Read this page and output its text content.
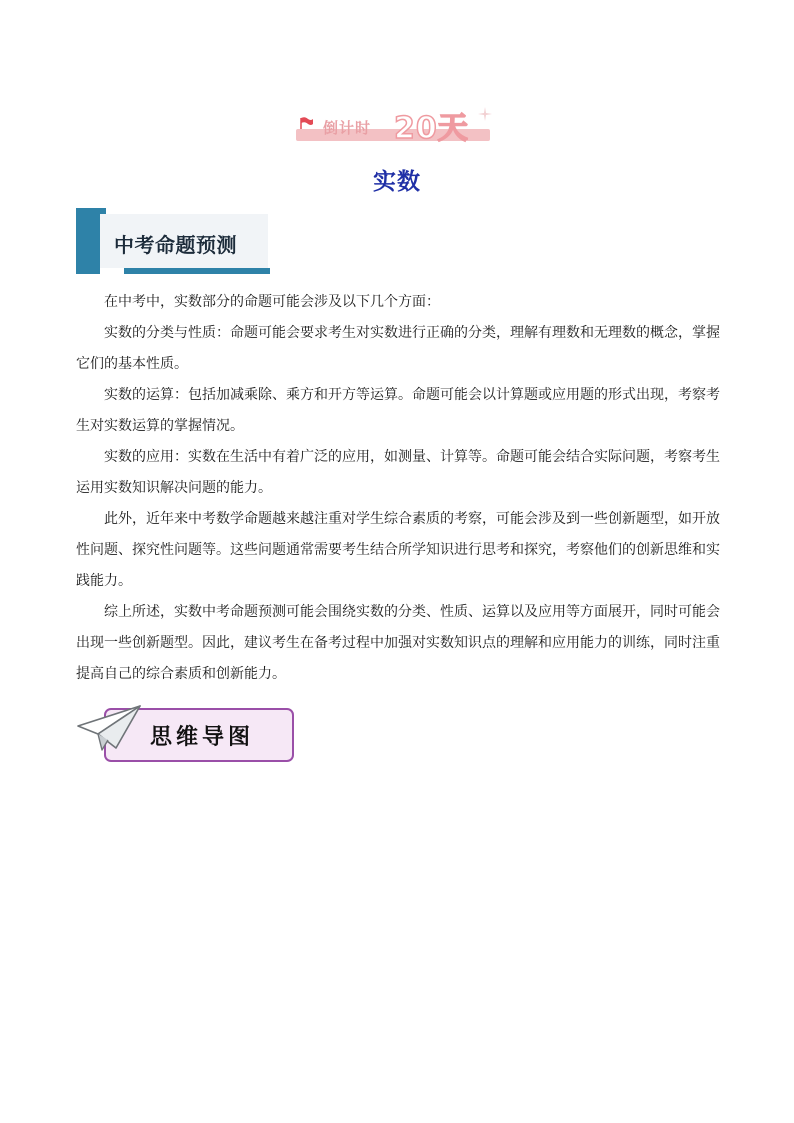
倒计时 20天
实数
中考命题预测

在中考中，实数部分的命题可能会涉及以下几个方面：

实数的分类与性质：命题可能会要求考生对实数进行正确的分类，理解有理数和无理数的概念，掌握它们的基本性质。

实数的运算：包括加减乘除、乘方和开方等运算。命题可能会以计算题或应用题的形式出现，考察考生对实数运算的掌握情况。

实数的应用：实数在生活中有着广泛的应用，如测量、计算等。命题可能会结合实际问题，考察考生运用实数知识解决问题的能力。

此外，近年来中考数学命题越来越注重对学生综合素质的考察，可能会涉及到一些创新题型，如开放性问题、探究性问题等。这些问题通常需要考生结合所学知识进行思考和探究，考察他们的创新思维和实践能力。

综上所述，实数中考命题预测可能会围绕实数的分类、性质、运算以及应用等方面展开，同时可能会出现一些创新题型。因此，建议考生在备考过程中加强对实数知识点的理解和应用能力的训练，同时注重提高自己的综合素质和创新能力。

思维导图
